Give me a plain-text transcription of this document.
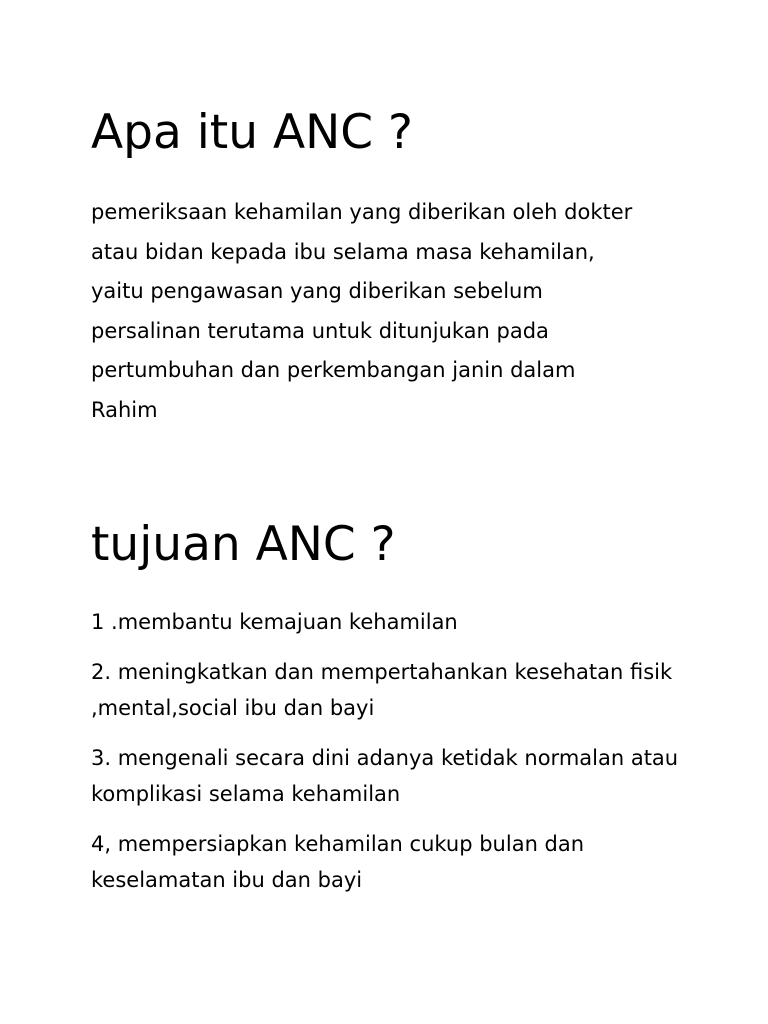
Apa itu ANC ?
pemeriksaan kehamilan yang diberikan oleh dokter
atau bidan kepada ibu selama masa kehamilan,
yaitu pengawasan yang diberikan sebelum
persalinan terutama untuk ditunjukan pada
pertumbuhan dan perkembangan janin dalam
Rahim
tujuan ANC ?
1 .membantu kemajuan kehamilan
2. meningkatkan dan mempertahankan kesehatan fisik
,mental,social ibu dan bayi
3. mengenali secara dini adanya ketidak normalan atau
komplikasi selama kehamilan
4, mempersiapkan kehamilan cukup bulan dan
keselamatan ibu dan bayi
